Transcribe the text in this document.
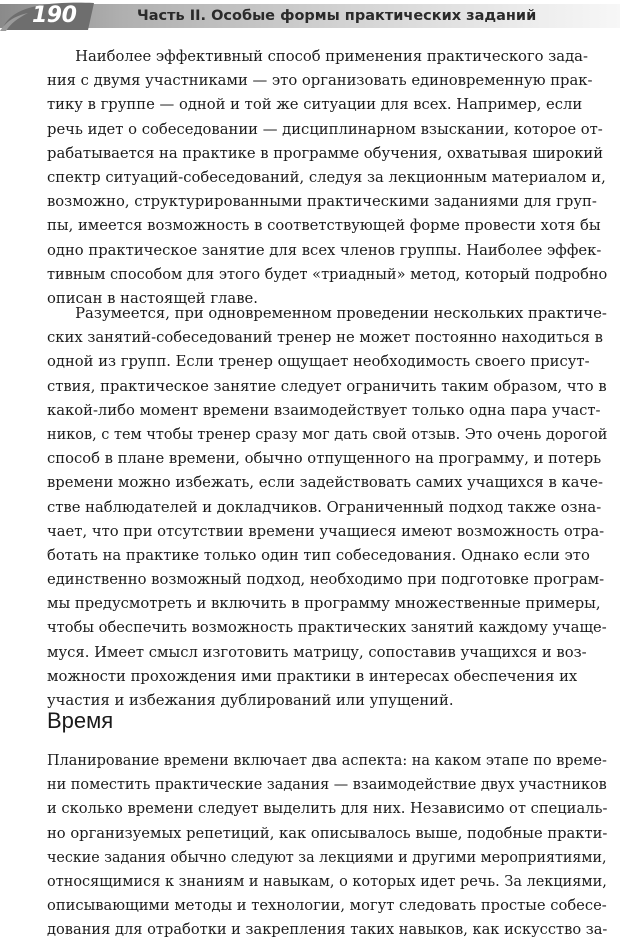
190	Часть II. Особые формы практических заданий
Наиболее эффективный способ применения практического зада-
ния с двумя участниками — это организовать единовременную прак-
тику в группе — одной и той же ситуации для всех. Например, если
речь идет о собеседовании — дисциплинарном взыскании, которое от-
рабатывается на практике в программе обучения, охватывая широкий
спектр ситуаций-собеседований, следуя за лекционным материалом и,
возможно, структурированными практическими заданиями для груп-
пы, имеется возможность в соответствующей форме провести хотя бы
одно практическое занятие для всех членов группы. Наиболее эффек-
тивным способом для этого будет «триадный» метод, который подробно
описан в настоящей главе.
Разумеется, при одновременном проведении нескольких практиче-
ских занятий-собеседований тренер не может постоянно находиться в
одной из групп. Если тренер ощущает необходимость своего присут-
ствия, практическое занятие следует ограничить таким образом, что в
какой-либо момент времени взаимодействует только одна пара участ-
ников, с тем чтобы тренер сразу мог дать свой отзыв. Это очень дорогой
способ в плане времени, обычно отпущенного на программу, и потерь
времени можно избежать, если задействовать самих учащихся в каче-
стве наблюдателей и докладчиков. Ограниченный подход также озна-
чает, что при отсутствии времени учащиеся имеют возможность отра-
ботать на практике только один тип собеседования. Однако если это
единственно возможный подход, необходимо при подготовке програм-
мы предусмотреть и включить в программу множественные примеры,
чтобы обеспечить возможность практических занятий каждому учаще-
муся. Имеет смысл изготовить матрицу, сопоставив учащихся и воз-
можности прохождения ими практики в интересах обеспечения их
участия и избежания дублирований или упущений.
Время
Планирование времени включает два аспекта: на каком этапе по време-
ни поместить практические задания — взаимодействие двух участников
и сколько времени следует выделить для них. Независимо от специаль-
но организуемых репетиций, как описывалось выше, подобные практи-
ческие задания обычно следуют за лекциями и другими мероприятиями,
относящимися к знаниям и навыкам, о которых идет речь. За лекциями,
описывающими методы и технологии, могут следовать простые собесе-
дования для отработки и закрепления таких навыков, как искусство за-
